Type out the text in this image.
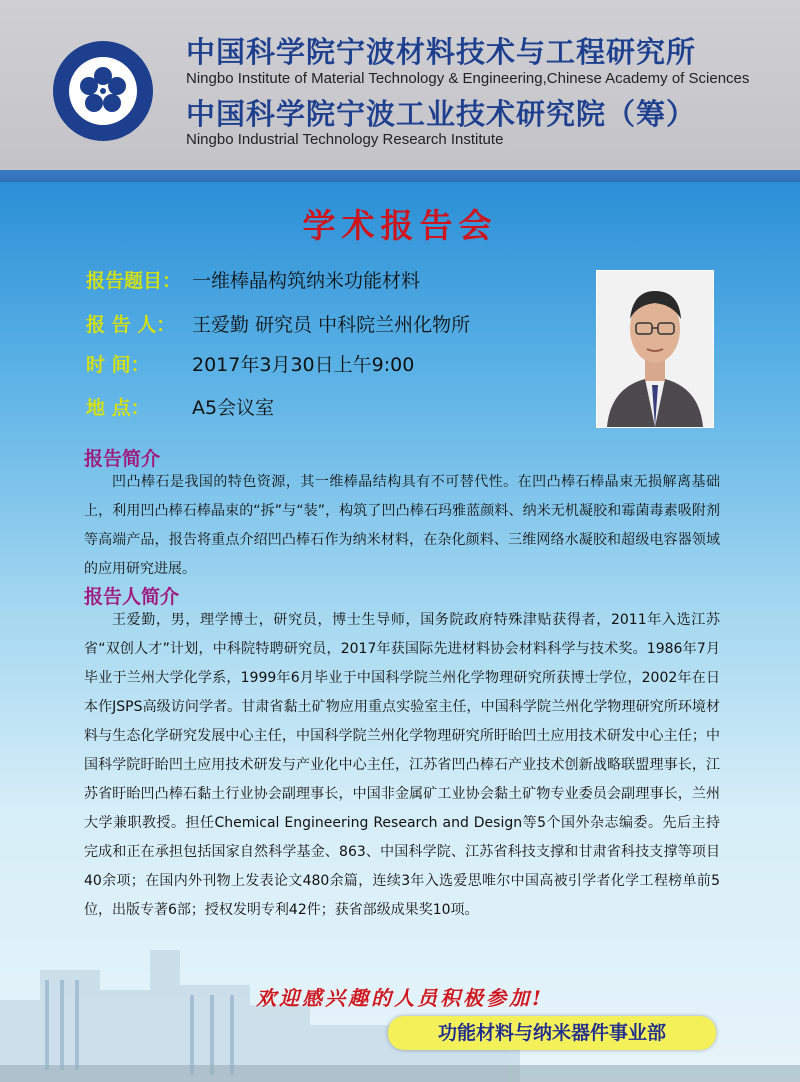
中国科学院宁波材料技术与工程研究所
Ningbo Institute of Material Technology & Engineering,Chinese Academy of Sciences
中国科学院宁波工业技术研究院（筹）
Ningbo Industrial Technology Research Institute
学术报告会
报告题目： 一维棒晶构筑纳米功能材料
报 告 人： 王爱勤 研究员 中科院兰州化物所
时 间： 2017年3月30日上午9:00
地 点： A5会议室
报告简介

凹凸棒石是我国的特色资源，其一维棒晶结构具有不可替代性。在凹凸棒石棒晶束无损解离基础上，利用凹凸棒石棒晶束的“拆”与“装”，构筑了凹凸棒石玛雅蓝颜料、纳米无机凝胶和霉菌毒素吸附剂等高端产品，报告将重点介绍凹凸棒石作为纳米材料，在杂化颜料、三维网络水凝胶和超级电容器领域的应用研究进展。

报告人简介

王爱勤，男，理学博士，研究员，博士生导师，国务院政府特殊津贴获得者，2011年入选江苏省“双创人才”计划，中科院特聘研究员，2017年获国际先进材料协会材料科学与技术奖。1986年7月毕业于兰州大学化学系，1999年6月毕业于中国科学院兰州化学物理研究所获博士学位，2002年在日本作JSPS高级访问学者。甘肃省黏土矿物应用重点实验室主任，中国科学院兰州化学物理研究所环境材料与生态化学研究发展中心主任，中国科学院兰州化学物理研究所盱眙凹土应用技术研发中心主任；中国科学院盱眙凹土应用技术研发与产业化中心主任，江苏省凹凸棒石产业技术创新战略联盟理事长，江苏省盱眙凹凸棒石黏土行业协会副理事长，中国非金属矿工业协会黏土矿物专业委员会副理事长，兰州大学兼职教授。担任Chemical Engineering Research and Design等5个国外杂志编委。先后主持完成和正在承担包括国家自然科学基金、863、中国科学院、江苏省科技支撑和甘肃省科技支撑等项目40余项；在国内外刊物上发表论文480余篇，连续3年入选爱思唯尔中国高被引学者化学工程榜单前5位，出版专著6部；授权发明专利42件；获省部级成果奖10项。

欢迎感兴趣的人员积极参加!
功能材料与纳米器件事业部
